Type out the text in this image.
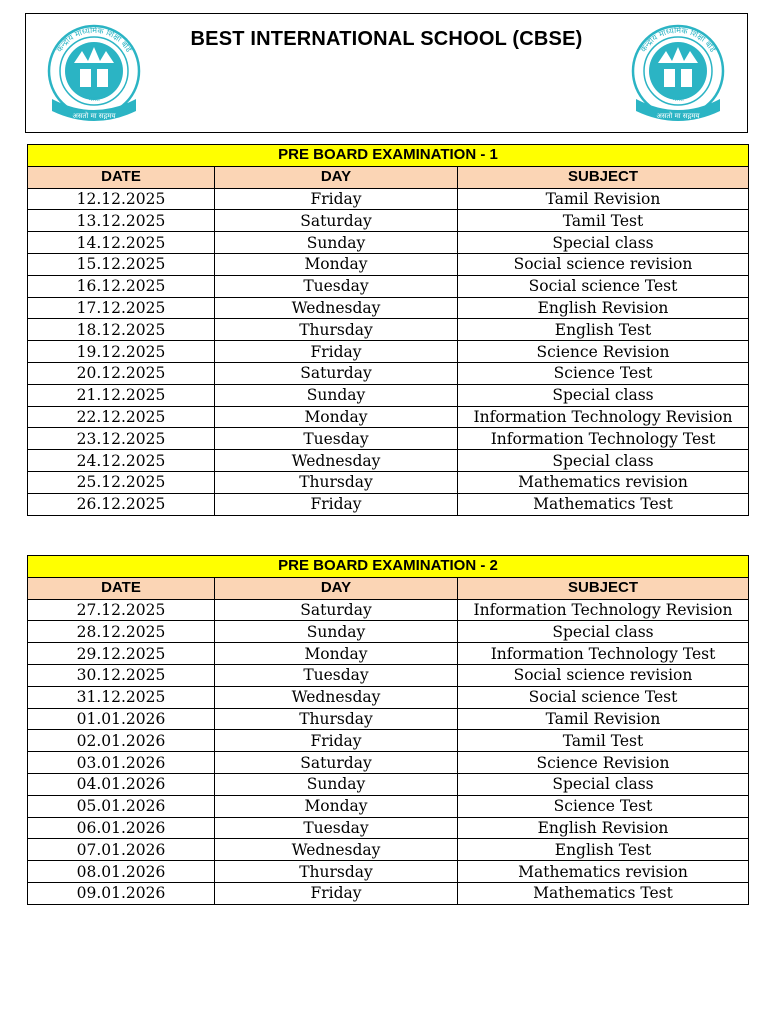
असतो मा सद्गमय
भारत
केन्द्रीय माध्यमिक शिक्षा बोर्ड	BEST INTERNATIONAL SCHOOL (CBSE)
असतो मा सद्गमय
भारत
केन्द्रीय माध्यमिक शिक्षा बोर्ड
PRE BOARD EXAMINATION - 1		
DATE	DAY	SUBJECT
12.12.2025	Friday	Tamil Revision
13.12.2025	Saturday	Tamil Test
14.12.2025	Sunday	Special class
15.12.2025	Monday	Social science revision
16.12.2025	Tuesday	Social science Test
17.12.2025	Wednesday	English Revision
18.12.2025	Thursday	English Test
19.12.2025	Friday	Science Revision
20.12.2025	Saturday	Science Test
21.12.2025	Sunday	Special class
22.12.2025	Monday	Information Technology Revision
23.12.2025	Tuesday	Information Technology Test
24.12.2025	Wednesday	Special class
25.12.2025	Thursday	Mathematics revision
26.12.2025	Friday	Mathematics Test
PRE BOARD EXAMINATION - 2		
DATE	DAY	SUBJECT
27.12.2025	Saturday	Information Technology Revision
28.12.2025	Sunday	Special class
29.12.2025	Monday	Information Technology Test
30.12.2025	Tuesday	Social science revision
31.12.2025	Wednesday	Social science Test
01.01.2026	Thursday	Tamil Revision
02.01.2026	Friday	Tamil Test
03.01.2026	Saturday	Science Revision
04.01.2026	Sunday	Special class
05.01.2026	Monday	Science Test
06.01.2026	Tuesday	English Revision
07.01.2026	Wednesday	English Test
08.01.2026	Thursday	Mathematics revision
09.01.2026	Friday	Mathematics Test
